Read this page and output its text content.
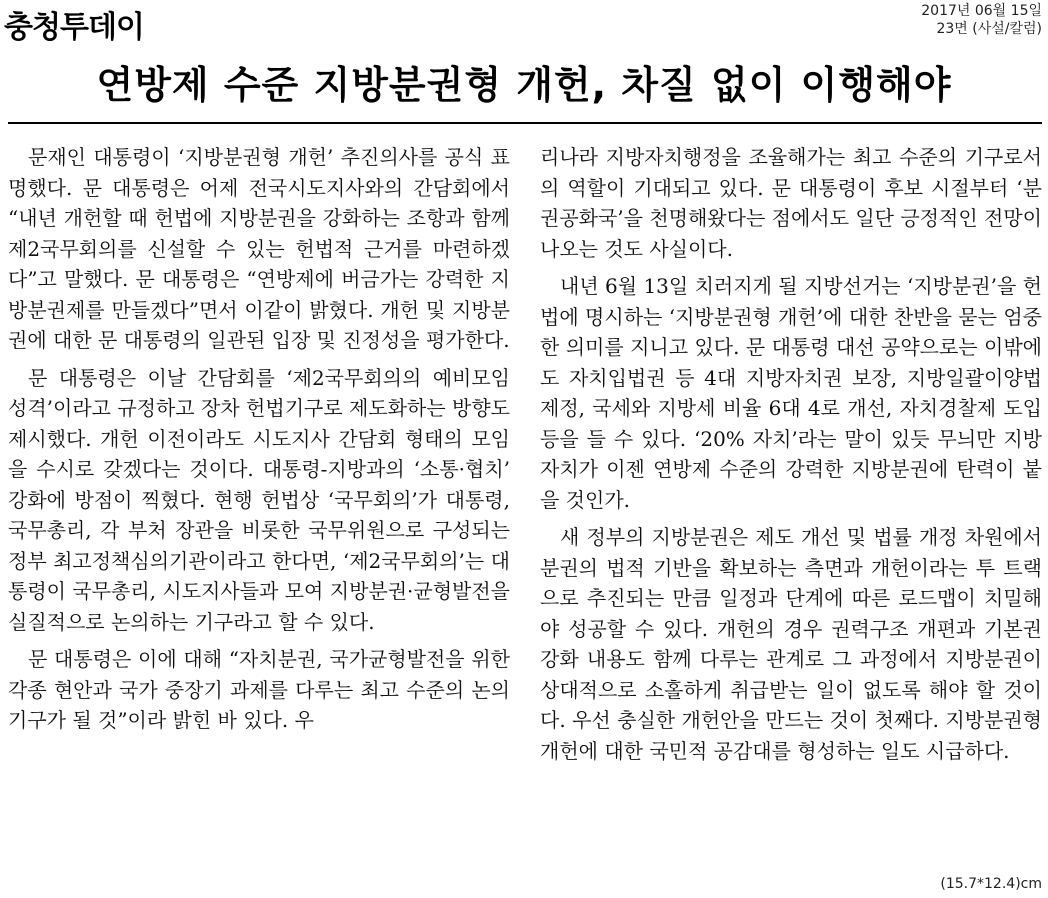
충청투데이	2017년 06월 15일
23면 (사설/칼럼)
연방제 수준 지방분권형 개헌, 차질 없이 이행해야

문재인 대통령이 ‘지방분권형 개헌’ 추진의사를 공식 표명했다. 문 대통령은 어제 전국시도지사와의 간담회에서 “내년 개헌할 때 헌법에 지방분권을 강화하는 조항과 함께 제2국무회의를 신설할 수 있는 헌법적 근거를 마련하겠다”고 말했다. 문 대통령은 “연방제에 버금가는 강력한 지방분권제를 만들겠다”면서 이같이 밝혔다. 개헌 및 지방분권에 대한 문 대통령의 일관된 입장 및 진정성을 평가한다.

문 대통령은 이날 간담회를 ‘제2국무회의의 예비모임 성격’이라고 규정하고 장차 헌법기구로 제도화하는 방향도 제시했다. 개헌 이전이라도 시도지사 간담회 형태의 모임을 수시로 갖겠다는 것이다. 대통령-지방과의 ‘소통·협치’ 강화에 방점이 찍혔다. 현행 헌법상 ‘국무회의’가 대통령, 국무총리, 각 부처 장관을 비롯한 국무위원으로 구성되는 정부 최고정책심의기관이라고 한다면, ‘제2국무회의’는 대통령이 국무총리, 시도지사들과 모여 지방분권·균형발전을 실질적으로 논의하는 기구라고 할 수 있다.

문 대통령은 이에 대해 “자치분권, 국가균형발전을 위한 각종 현안과 국가 중장기 과제를 다루는 최고 수준의 논의기구가 될 것”이라 밝힌 바 있다. 우

리나라 지방자치행정을 조율해가는 최고 수준의 기구로서의 역할이 기대되고 있다. 문 대통령이 후보 시절부터 ‘분권공화국’을 천명해왔다는 점에서도 일단 긍정적인 전망이 나오는 것도 사실이다.

내년 6월 13일 치러지게 될 지방선거는 ‘지방분권’을 헌법에 명시하는 ‘지방분권형 개헌’에 대한 찬반을 묻는 엄중한 의미를 지니고 있다. 문 대통령 대선 공약으로는 이밖에도 자치입법권 등 4대 지방자치권 보장, 지방일괄이양법 제정, 국세와 지방세 비율 6대 4로 개선, 자치경찰제 도입 등을 들 수 있다. ‘20% 자치’라는 말이 있듯 무늬만 지방자치가 이젠 연방제 수준의 강력한 지방분권에 탄력이 붙을 것인가.

새 정부의 지방분권은 제도 개선 및 법률 개정 차원에서 분권의 법적 기반을 확보하는 측면과 개헌이라는 투 트랙으로 추진되는 만큼 일정과 단계에 따른 로드맵이 치밀해야 성공할 수 있다. 개헌의 경우 권력구조 개편과 기본권 강화 내용도 함께 다루는 관계로 그 과정에서 지방분권이 상대적으로 소홀하게 취급받는 일이 없도록 해야 할 것이다. 우선 충실한 개헌안을 만드는 것이 첫째다. 지방분권형 개헌에 대한 국민적 공감대를 형성하는 일도 시급하다.

(15.7*12.4)cm
